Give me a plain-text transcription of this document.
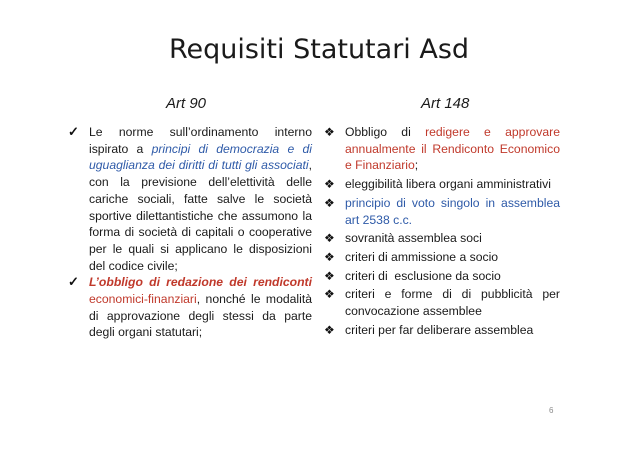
Requisiti Statutari Asd
Art 90	Art 148
✓ Le norme sull’ordinamento interno ispirato a principi di democrazia e di uguaglianza dei diritti di tutti gli associati, con la previsione dell’elettività delle cariche sociali, fatte salve le società sportive dilettantistiche che assumono la forma di società di capitali o cooperative per le quali si applicano le disposizioni del codice civile;
✓ L’obbligo di redazione dei rendiconti economici-finanziari, nonché le modalità di approvazione degli stessi da parte degli organi statutari;
❖ Obbligo di redigere e approvare annualmente il Rendiconto Economico e Finanziario;
❖ eleggibilità libera organi amministrativi
❖ principio di voto singolo in assemblea art 2538 c.c.
❖ sovranità assemblea soci
❖ criteri di ammissione a socio
❖ criteri di  esclusione da socio
❖ criteri e forme di di pubblicità per convocazione assemblee
❖ criteri per far deliberare assemblea
6
